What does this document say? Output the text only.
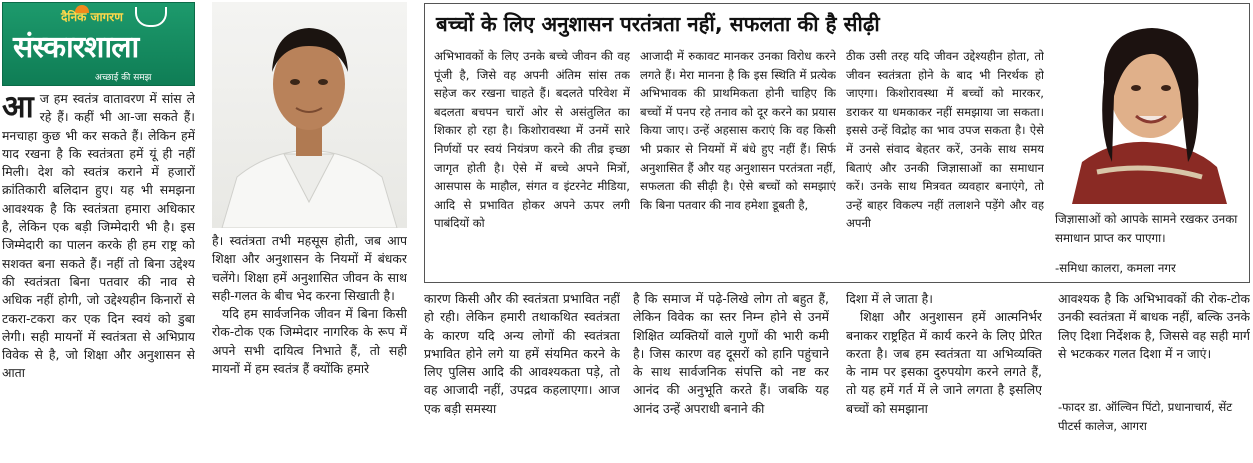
दैनिक जागरण
संस्कारशाला
अच्छाई की समझ
आ ज हम स्वतंत्र वातावरण में सांस ले रहे हैं। कहीं भी आ-जा सकते हैं। मनचाहा कुछ भी कर सकते हैं। लेकिन हमें याद रखना है कि स्वतंत्रता हमें यूं ही नहीं मिली। देश को स्वतंत्र कराने में हजारों क्रांतिकारी बलिदान हुए। यह भी समझना आवश्यक है कि स्वतंत्रता हमारा अधिकार है, लेकिन एक बड़ी जिम्मेदारी भी है। इस जिम्मेदारी का पालन करके ही हम राष्ट्र को सशक्त बना सकते हैं। नहीं तो बिना उद्देश्य की स्वतंत्रता बिना पतवार की नाव से अधिक नहीं होगी, जो उद्देश्यहीन किनारों से टकरा-टकरा कर एक दिन स्वयं को डुबा लेगी। सही मायनों में स्वतंत्रता से अभिप्राय विवेक से है, जो शिक्षा और अनुशासन से आता
है। स्वतंत्रता तभी महसूस होती, जब आप शिक्षा और अनुशासन के नियमों में बंधकर चलेंगे। शिक्षा हमें अनुशासित जीवन के साथ सही-गलत के बीच भेद करना सिखाती है।
यदि हम सार्वजनिक जीवन में बिना किसी रोक-टोक एक जिम्मेदार नागरिक के रूप में अपने सभी दायित्व निभाते हैं, तो सही मायनों में हम स्वतंत्र हैं क्योंकि हमारे
बच्चों के लिए अनुशासन परतंत्रता नहीं, सफलता की है सीढ़ी
अभिभावकों के लिए उनके बच्चे जीवन की वह पूंजी है, जिसे वह अपनी अंतिम सांस तक सहेज कर रखना चाहते हैं। बदलते परिवेश में बदलता बचपन चारों ओर से असंतुलित का शिकार हो रहा है। किशोरावस्था में उनमें सारे निर्णयों पर स्वयं नियंत्रण करने की तीव्र इच्छा जागृत होती है। ऐसे में बच्चे अपने मित्रों, आसपास के माहौल, संगत व इंटरनेट मीडिया, आदि से प्रभावित होकर अपने ऊपर लगी पाबंदियों को
आजादी में रुकावट मानकर उनका विरोध करने लगते हैं। मेरा मानना है कि इस स्थिति में प्रत्येक अभिभावक की प्राथमिकता होनी चाहिए कि बच्चों में पनप रहे तनाव को दूर करने का प्रयास किया जाए। उन्हें अहसास कराएं कि वह किसी भी प्रकार से नियमों में बंधे हुए नहीं हैं। सिर्फ अनुशासित हैं और यह अनुशासन परतंत्रता नहीं, सफलता की सीढ़ी है। ऐसे बच्चों को समझाएं कि बिना पतवार की नाव हमेशा डूबती है,
ठीक उसी तरह यदि जीवन उद्देश्यहीन होता, तो जीवन स्वतंत्रता होने के बाद भी निरर्थक हो जाएगा। किशोरावस्था में बच्चों को मारकर, डराकर या धमकाकर नहीं समझाया जा सकता। इससे उन्हें विद्रोह का भाव उपज सकता है। ऐसे में उनसे संवाद बेहतर करें, उनके साथ समय बिताएं और उनकी जिज्ञासाओं का समाधान करें। उनके साथ मित्रवत व्यवहार बनाएंगे, तो उन्हें बाहर विकल्प नहीं तलाशने पड़ेंगे और वह अपनी	जिज्ञासाओं को आपके सामने रखकर उनका समाधान प्राप्त कर पाएगा।
-समिधा कालरा, कमला नगर
कारण किसी और की स्वतंत्रता प्रभावित नहीं हो रही। लेकिन हमारी तथाकथित स्वतंत्रता के कारण यदि अन्य लोगों की स्वतंत्रता प्रभावित होने लगे या हमें संयमित करने के लिए पुलिस आदि की आवश्यकता पड़े, तो वह आजादी नहीं, उपद्रव कहलाएगा। आज एक बड़ी समस्या
है कि समाज में पढ़े-लिखे लोग तो बहुत हैं, लेकिन विवेक का स्तर निम्न होने से उनमें शिक्षित व्यक्तियों वाले गुणों की भारी कमी है। जिस कारण वह दूसरों को हानि पहुंचाने के साथ सार्वजनिक संपत्ति को नष्ट कर आनंद की अनुभूति करते हैं। जबकि यह आनंद उन्हें अपराधी बनाने की
दिशा में ले जाता है।
शिक्षा और अनुशासन हमें आत्मनिर्भर बनाकर राष्ट्रहित में कार्य करने के लिए प्रेरित करता है। जब हम स्वतंत्रता या अभिव्यक्ति के नाम पर इसका दुरुपयोग करने लगते हैं, तो यह हमें गर्त में ले जाने लगता है इसलिए बच्चों को समझाना
आवश्यक है कि अभिभावकों की रोक-टोक उनकी स्वतंत्रता में बाधक नहीं, बल्कि उनके लिए दिशा निर्देशक है, जिससे वह सही मार्ग से भटककर गलत दिशा में न जाएं।
-फादर डा. ऑल्विन पिंटो, प्रधानाचार्य, सेंट पीटर्स कालेज, आगरा
